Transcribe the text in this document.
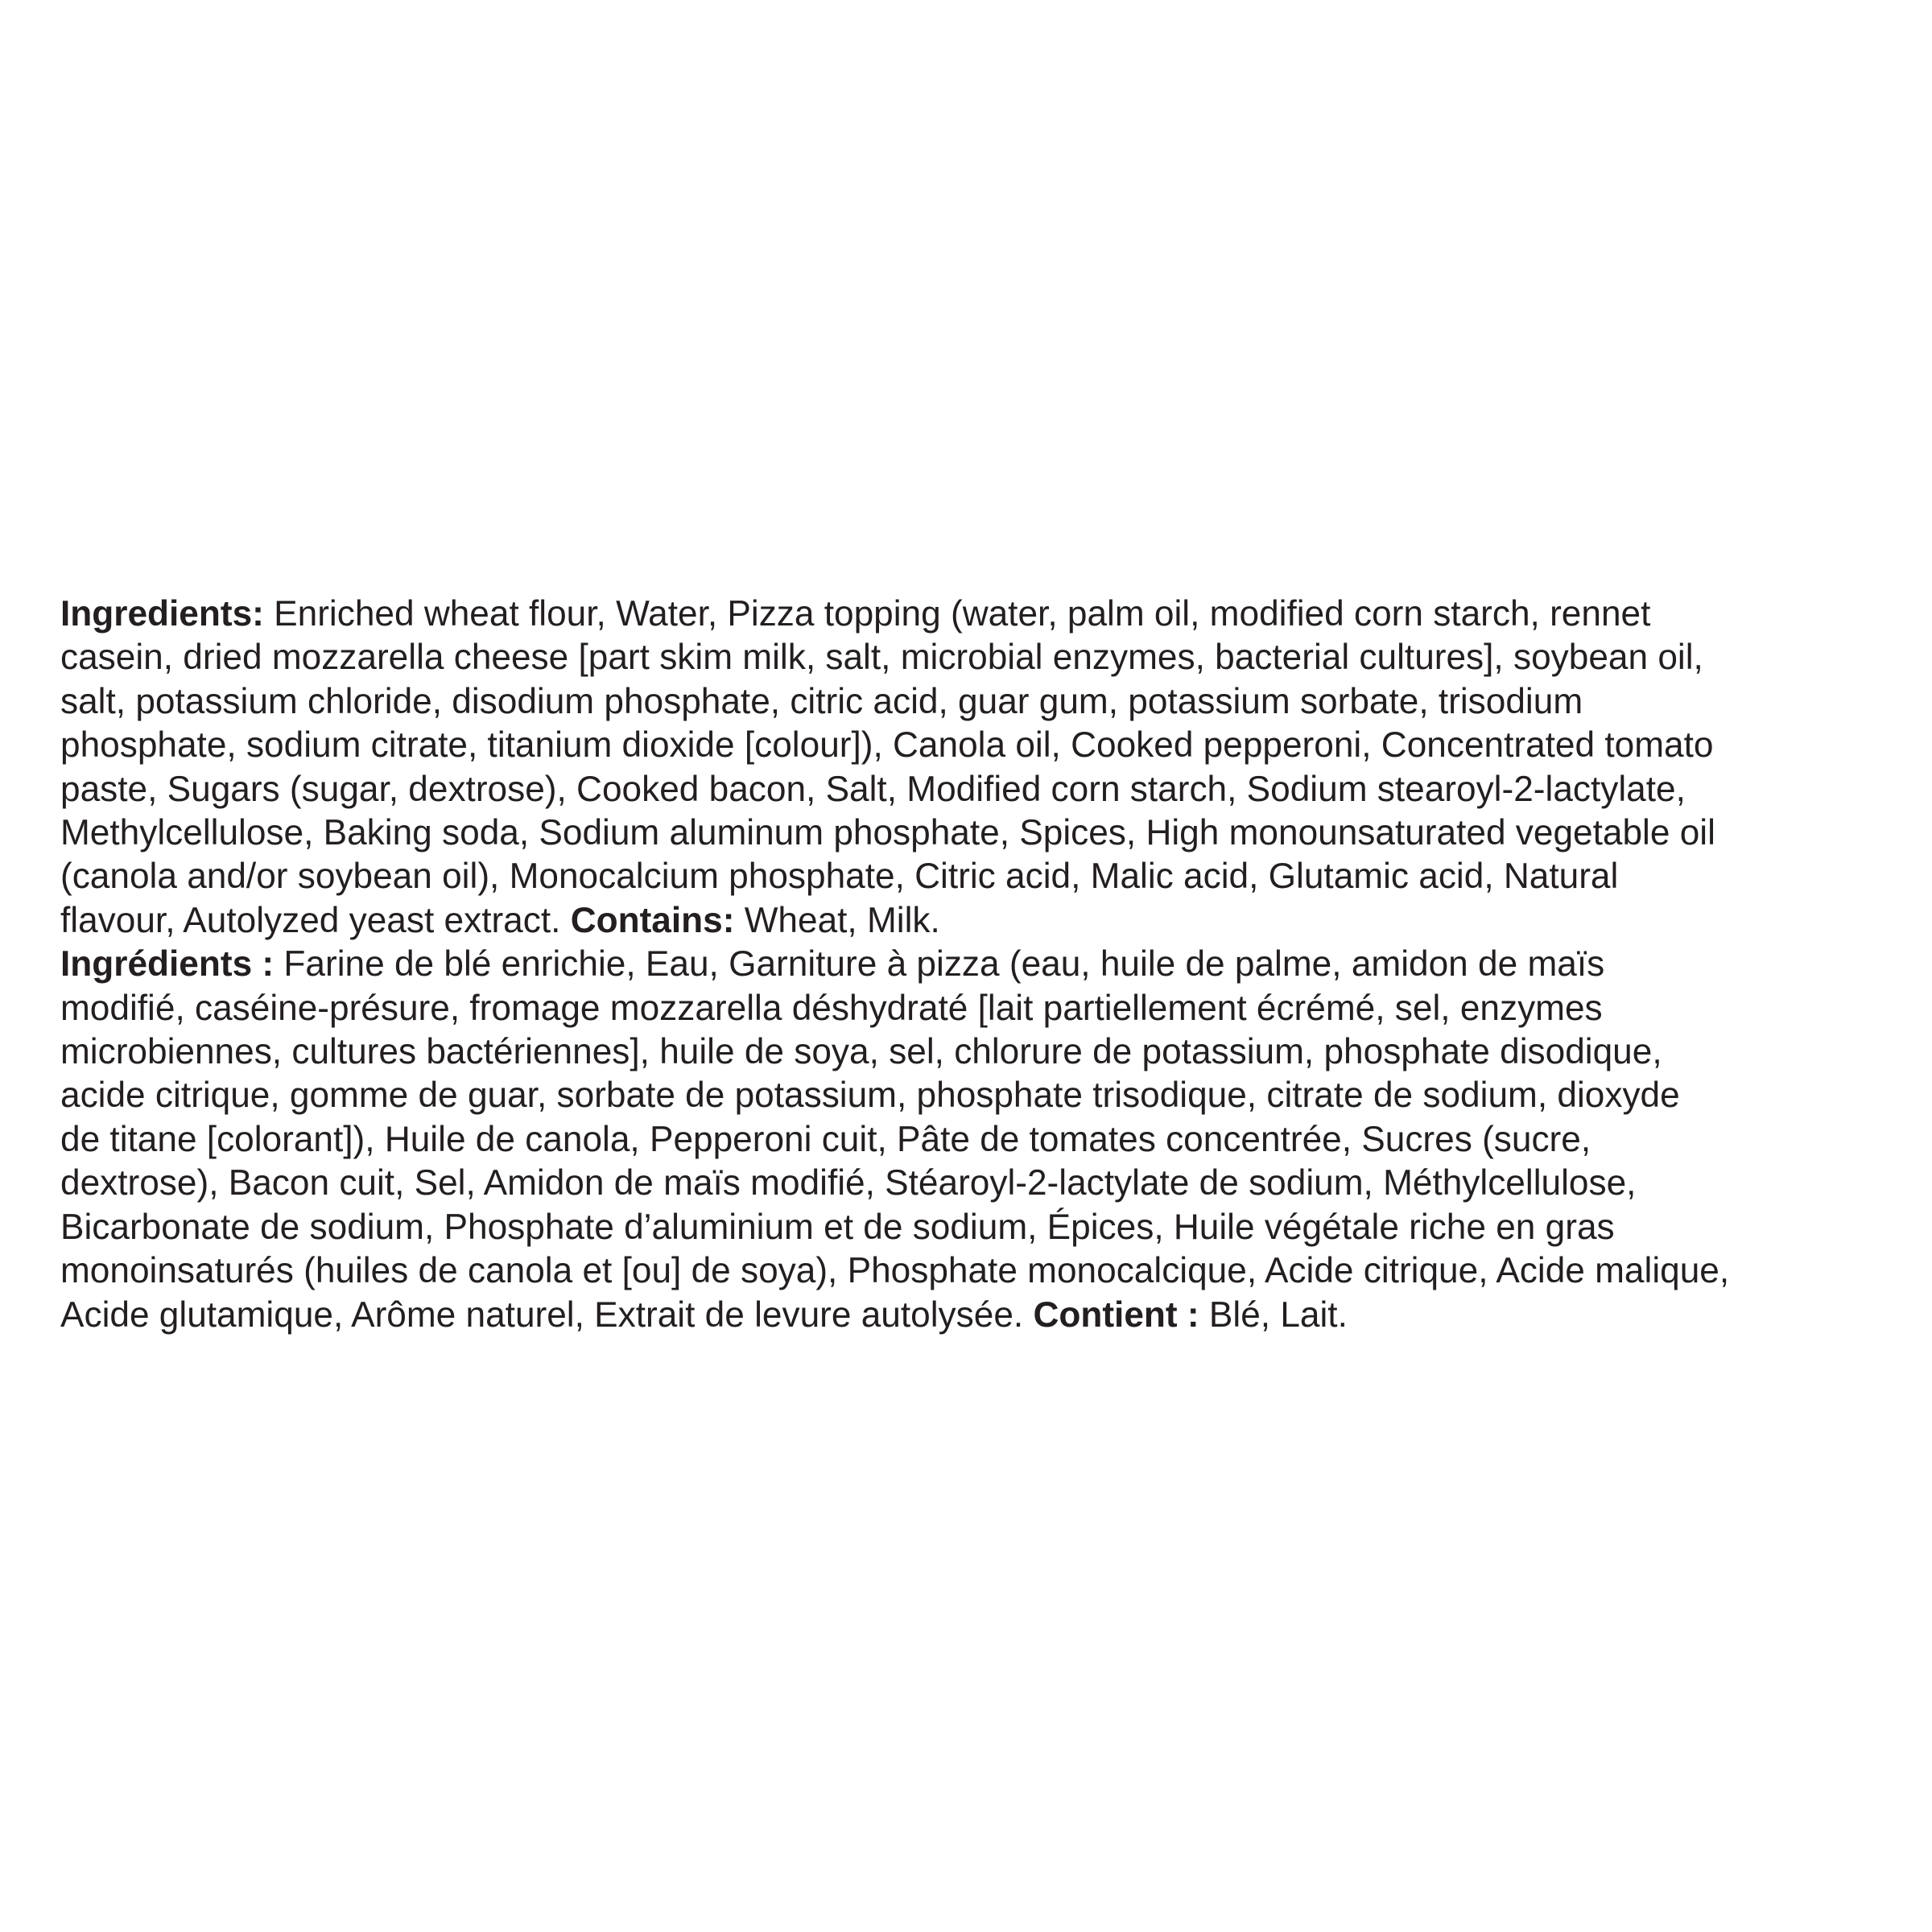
Ingredients: Enriched wheat flour, Water, Pizza topping (water, palm oil, modified corn starch, rennet
casein, dried mozzarella cheese [part skim milk, salt, microbial enzymes, bacterial cultures], soybean oil,
salt, potassium chloride, disodium phosphate, citric acid, guar gum, potassium sorbate, trisodium
phosphate, sodium citrate, titanium dioxide [colour]), Canola oil, Cooked pepperoni, Concentrated tomato
paste, Sugars (sugar, dextrose), Cooked bacon, Salt, Modified corn starch, Sodium stearoyl-2-lactylate,
Methylcellulose, Baking soda, Sodium aluminum phosphate, Spices, High monounsaturated vegetable oil
(canola and/or soybean oil), Monocalcium phosphate, Citric acid, Malic acid, Glutamic acid, Natural
flavour, Autolyzed yeast extract. Contains: Wheat, Milk.

Ingrédients : Farine de blé enrichie, Eau, Garniture à pizza (eau, huile de palme, amidon de maïs
modifié, caséine-présure, fromage mozzarella déshydraté [lait partiellement écrémé, sel, enzymes
microbiennes, cultures bactériennes], huile de soya, sel, chlorure de potassium, phosphate disodique,
acide citrique, gomme de guar, sorbate de potassium, phosphate trisodique, citrate de sodium, dioxyde
de titane [colorant]), Huile de canola, Pepperoni cuit, Pâte de tomates concentrée, Sucres (sucre,
dextrose), Bacon cuit, Sel, Amidon de maïs modifié, Stéaroyl-2-lactylate de sodium, Méthylcellulose,
Bicarbonate de sodium, Phosphate d’aluminium et de sodium, Épices, Huile végétale riche en gras
monoinsaturés (huiles de canola et [ou] de soya), Phosphate monocalcique, Acide citrique, Acide malique,
Acide glutamique, Arôme naturel, Extrait de levure autolysée. Contient : Blé, Lait.
